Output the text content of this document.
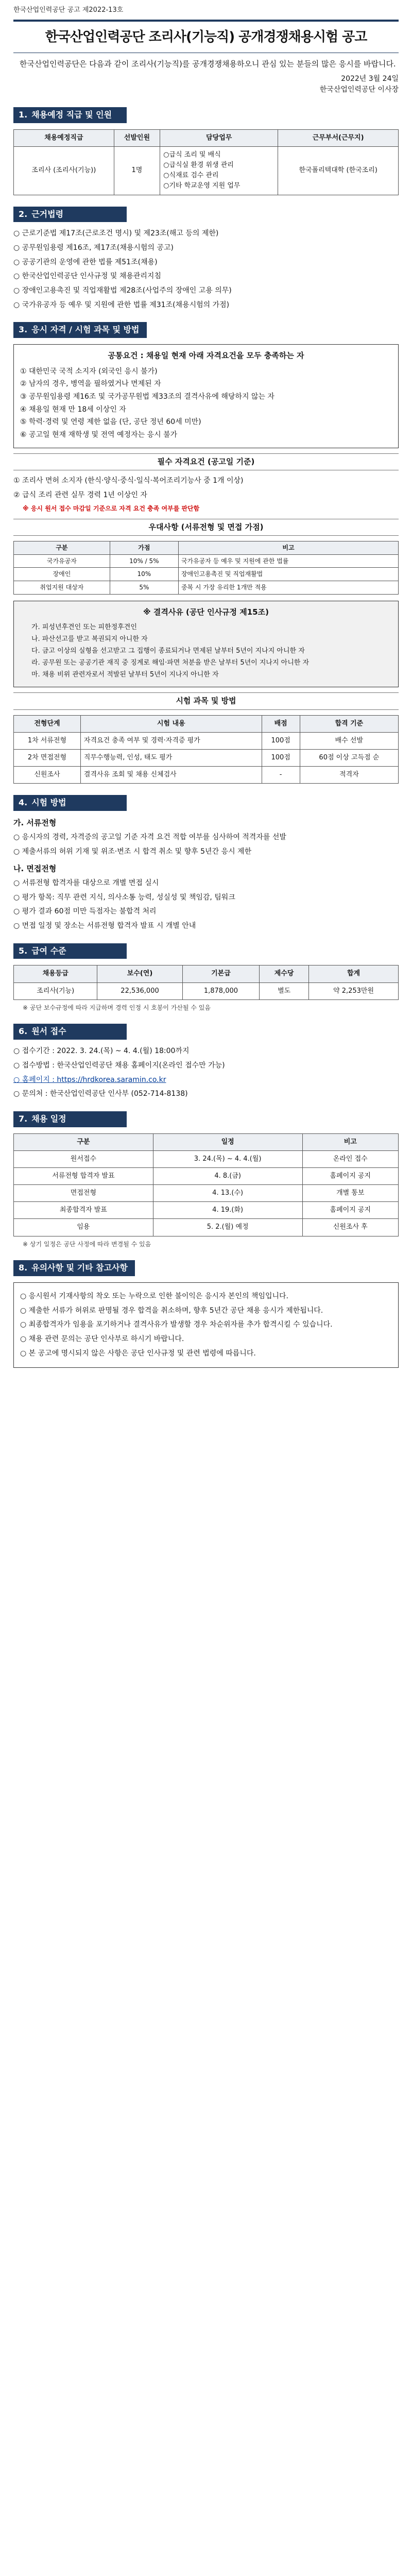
한국산업인력공단 공고 제2022-13호
한국산업인력공단 조리사(기능직) 공개경쟁채용시험 공고

한국산업인력공단은 다음과 같이 조리사(기능직)를 공개경쟁채용하오니 관심 있는 분들의 많은 응시를 바랍니다.

2022년 3월 24일
한국산업인력공단 이사장
1. 채용예정 직급 및 인원
채용예정직급	선발인원	담당업무	근무부서(근무지)
조리사 (조리사(기능))	1명	○급식 조리 및 배식
○급식실 환경 위생 관리
○식재료 검수 관리
○기타 학교운영 지원 업무	한국폴리텍대학 (한국조리)
2. 근거법령
○ 근로기준법 제17조(근로조건 명시) 및 제23조(해고 등의 제한)
○ 공무원임용령 제16조, 제17조(채용시험의 공고)
○ 공공기관의 운영에 관한 법률 제51조(채용)
○ 한국산업인력공단 인사규정 및 채용관리지침
○ 장애인고용촉진 및 직업재활법 제28조(사업주의 장애인 고용 의무)
○ 국가유공자 등 예우 및 지원에 관한 법률 제31조(채용시험의 가점)
3. 응시 자격 / 시험 과목 및 방법
공통요건 : 채용일 현재 아래 자격요건을 모두 충족하는 자
① 대한민국 국적 소지자 (외국인 응시 불가)
② 남자의 경우, 병역을 필하였거나 면제된 자
③ 공무원임용령 제16조 및 국가공무원법 제33조의 결격사유에 해당하지 않는 자
④ 채용일 현재 만 18세 이상인 자
⑤ 학력·경력 및 연령 제한 없음 (단, 공단 정년 60세 미만)
⑥ 공고일 현재 재학생 및 전역 예정자는 응시 불가
필수 자격요건 (공고일 기준)
① 조리사 면허 소지자 (한식·양식·중식·일식·복어조리기능사 중 1개 이상)
② 급식 조리 관련 실무 경력 1년 이상인 자

※ 응시 원서 접수 마감일 기준으로 자격 요건 충족 여부를 판단함

우대사항 (서류전형 및 면접 가점)
구분	가점	비고
국가유공자	10% / 5%	국가유공자 등 예우 및 지원에 관한 법률
장애인	10%	장애인고용촉진 및 직업재활법
취업지원 대상자	5%	중복 시 가장 유리한 1개만 적용
※ 결격사유 (공단 인사규정 제15조)
가. 피성년후견인 또는 피한정후견인
나. 파산선고를 받고 복권되지 아니한 자
다. 금고 이상의 실형을 선고받고 그 집행이 종료되거나 면제된 날부터 5년이 지나지 아니한 자
라. 공무원 또는 공공기관 재직 중 징계로 해임·파면 처분을 받은 날부터 5년이 지나지 아니한 자
마. 채용 비위 관련자로서 적발된 날부터 5년이 지나지 아니한 자
시험 과목 및 방법
전형단계	시험 내용	배점	합격 기준
1차 서류전형	자격요건 충족 여부 및 경력·자격증 평가	100점	배수 선발
2차 면접전형	직무수행능력, 인성, 태도 평가	100점	60점 이상 고득점 순
신원조사	결격사유 조회 및 채용 신체검사	-	적격자
4. 시험 방법

가. 서류전형

○ 응시자의 경력, 자격증의 공고일 기준 자격 요건 적합 여부를 심사하여 적격자를 선발
○ 제출서류의 허위 기재 및 위조·변조 시 합격 취소 및 향후 5년간 응시 제한

나. 면접전형

○ 서류전형 합격자를 대상으로 개별 면접 실시
○ 평가 항목: 직무 관련 지식, 의사소통 능력, 성실성 및 책임감, 팀워크
○ 평가 결과 60점 미만 득점자는 불합격 처리
○ 면접 일정 및 장소는 서류전형 합격자 발표 시 개별 안내
5. 급여 수준
채용등급	보수(연)	기본급	제수당	합계
조리사(기능)	22,536,000	1,878,000	별도	약 2,253만원

※ 공단 보수규정에 따라 지급하며 경력 인정 시 호봉이 가산될 수 있음

6. 원서 접수
○ 접수기간 : 2022. 3. 24.(목) ~ 4. 4.(월) 18:00까지
○ 접수방법 : 한국산업인력공단 채용 홈페이지(온라인 접수만 가능)
○ 홈페이지 : https://hrdkorea.saramin.co.kr
○ 문의처 : 한국산업인력공단 인사부 (052-714-8138)
7. 채용 일정
구분	일정	비고
원서접수	3. 24.(목) ~ 4. 4.(월)	온라인 접수
서류전형 합격자 발표	4. 8.(금)	홈페이지 공지
면접전형	4. 13.(수)	개별 통보
최종합격자 발표	4. 19.(화)	홈페이지 공지
임용	5. 2.(월) 예정	신원조사 후

※ 상기 일정은 공단 사정에 따라 변경될 수 있음

8. 유의사항 및 기타 참고사항
○ 응시원서 기재사항의 착오 또는 누락으로 인한 불이익은 응시자 본인의 책임입니다.
○ 제출한 서류가 허위로 판명될 경우 합격을 취소하며, 향후 5년간 공단 채용 응시가 제한됩니다.
○ 최종합격자가 임용을 포기하거나 결격사유가 발생할 경우 차순위자를 추가 합격시킬 수 있습니다.
○ 채용 관련 문의는 공단 인사부로 하시기 바랍니다.
○ 본 공고에 명시되지 않은 사항은 공단 인사규정 및 관련 법령에 따릅니다.
